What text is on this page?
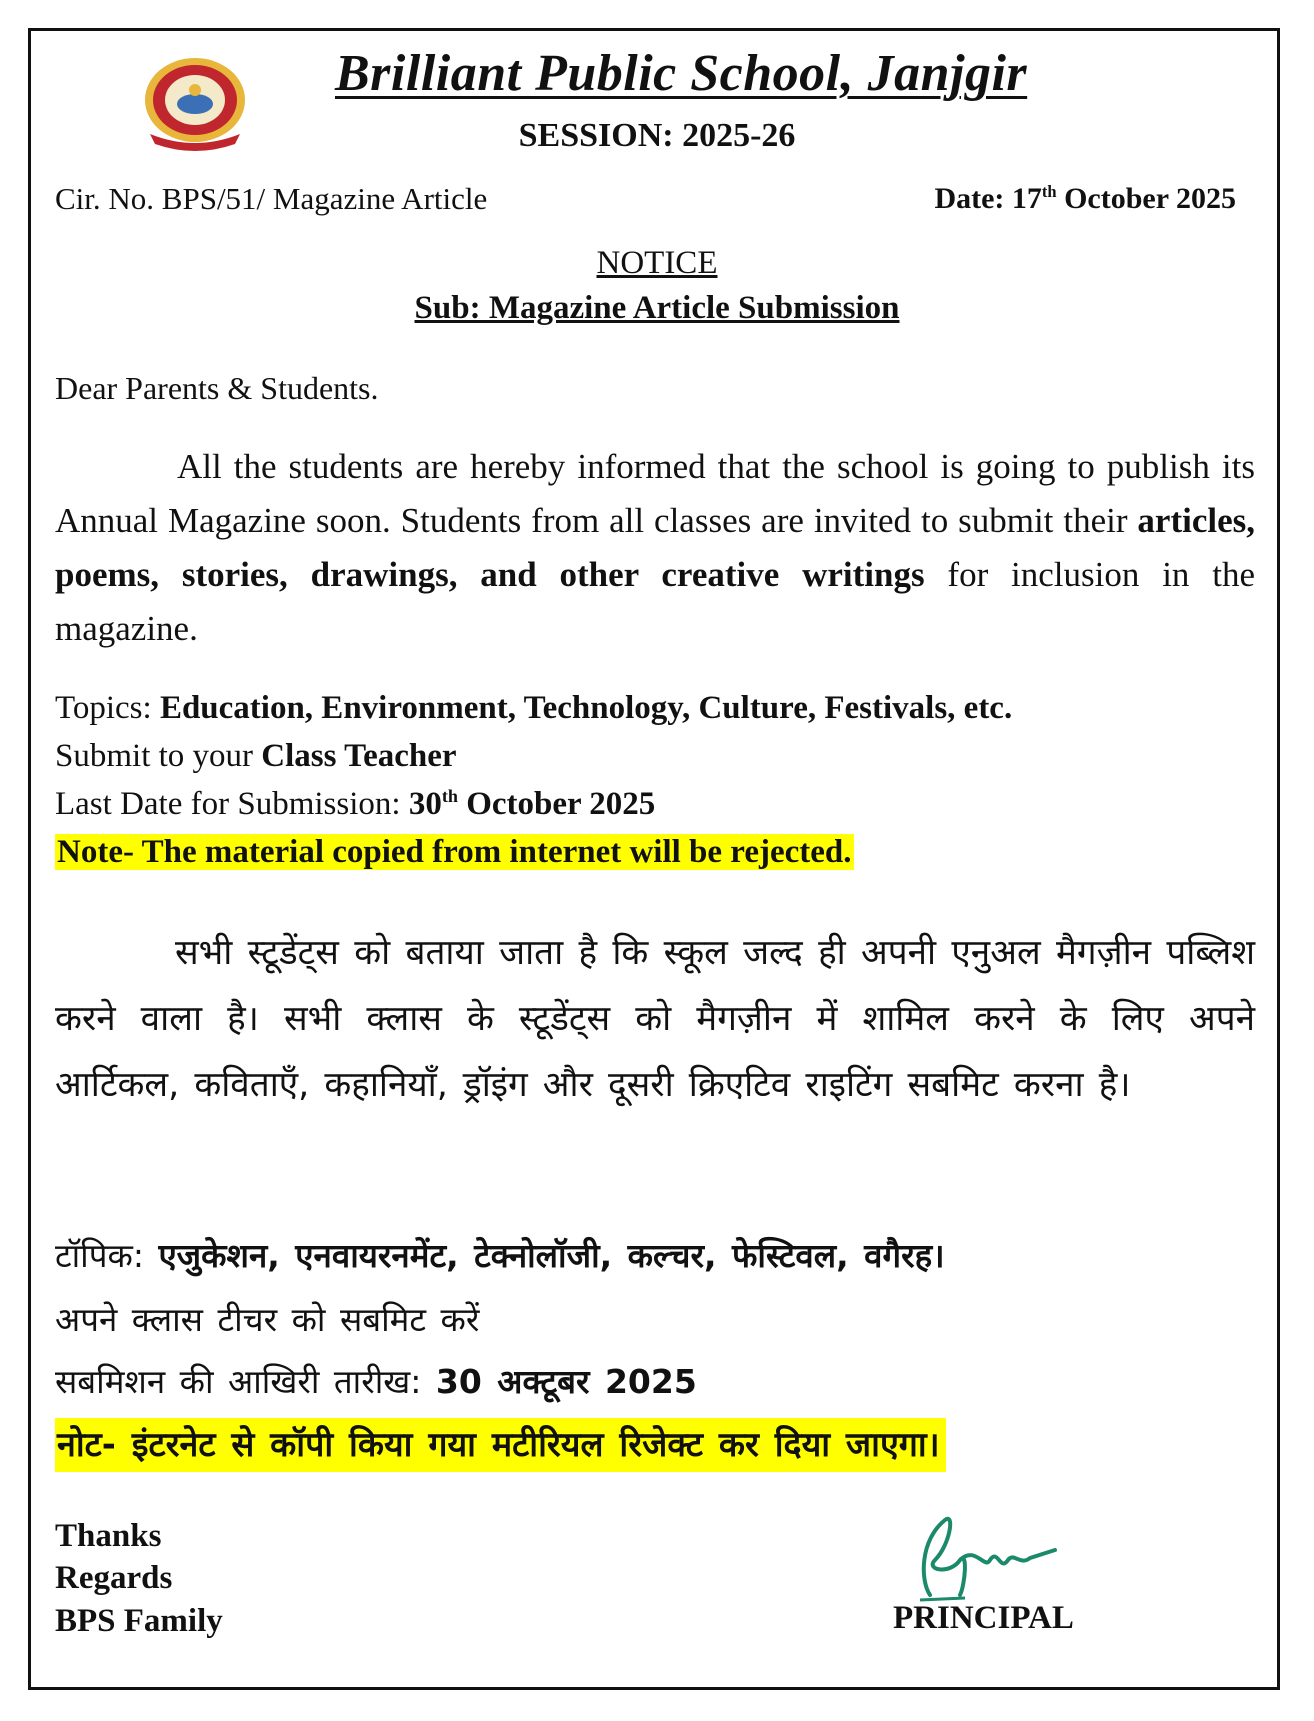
Brilliant Public School, Janjgir
SESSION: 2025-26
Cir. No. BPS/51/ Magazine Article	Date: 17th October 2025
NOTICE
Sub: Magazine Article Submission
Dear Parents & Students.
All the students are hereby informed that the school is going to publish its Annual Magazine soon. Students from all classes are invited to submit their articles, poems, stories, drawings, and other creative writings for inclusion in the magazine.
Topics: Education, Environment, Technology, Culture, Festivals, etc.
Submit to your Class Teacher
Last Date for Submission: 30th October 2025
Note- The material copied from internet will be rejected.
सभी स्टूडेंट्स को बताया जाता है कि स्कूल जल्द ही अपनी एनुअल मैगज़ीन पब्लिश करने वाला है। सभी क्लास के स्टूडेंट्स को मैगज़ीन में शामिल करने के लिए अपने आर्टिकल, कविताएँ, कहानियाँ, ड्रॉइंग और दूसरी क्रिएटिव राइटिंग सबमिट करना है।
टॉपिक: एजुकेशन, एनवायरनमेंट, टेक्नोलॉजी, कल्चर, फेस्टिवल, वगैरह।
अपने क्लास टीचर को सबमिट करें
सबमिशन की आखिरी तारीख: 30 अक्टूबर 2025
नोट- इंटरनेट से कॉपी किया गया मटीरियल रिजेक्ट कर दिया जाएगा।
Thanks
Regards
BPS Family	PRINCIPAL
